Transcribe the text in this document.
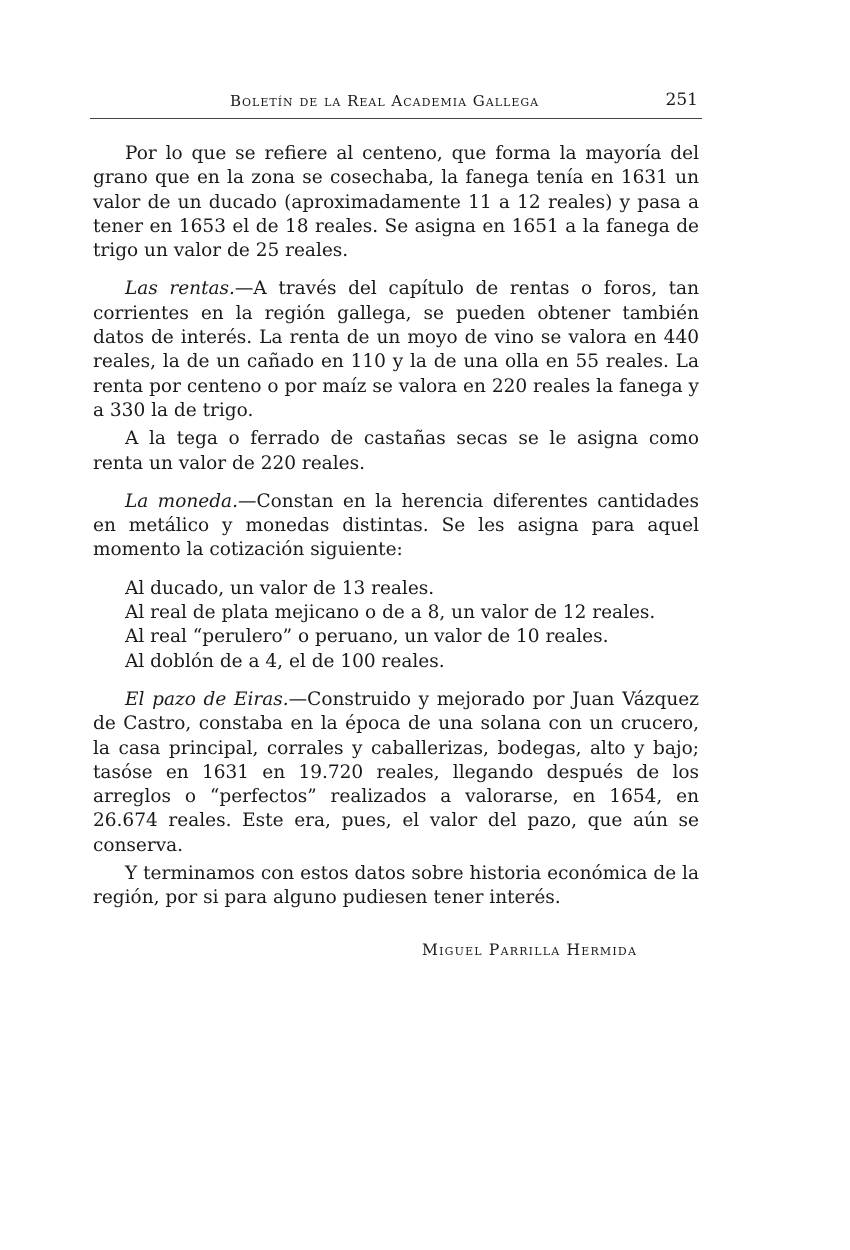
Boletín de la Real Academia Gallega	251

Por lo que se refiere al centeno, que forma la mayoría del grano que en la zona se cosechaba, la fanega tenía en 1631 un valor de un ducado (aproximadamente 11 a 12 reales) y pasa a tener en 1653 el de 18 reales. Se asigna en 1651 a la fanega de trigo un valor de 25 reales.

Las rentas.—A través del capítulo de rentas o foros, tan corrientes en la región gallega, se pueden obtener también datos de interés. La renta de un moyo de vino se valora en 440 reales, la de un cañado en 110 y la de una olla en 55 reales. La renta por centeno o por maíz se valora en 220 reales la fanega y a 330 la de trigo.

A la tega o ferrado de castañas secas se le asigna como renta un valor de 220 reales.

La moneda.—Constan en la herencia diferentes cantidades en metálico y monedas distintas. Se les asigna para aquel momento la cotización siguiente:

Al ducado, un valor de 13 reales.
Al real de plata mejicano o de a 8, un valor de 12 reales.
Al real “perulero” o peruano, un valor de 10 reales.
Al doblón de a 4, el de 100 reales.

El pazo de Eiras.—Construido y mejorado por Juan Vázquez de Castro, constaba en la época de una solana con un crucero, la casa principal, corrales y caballerizas, bodegas, alto y bajo; tasóse en 1631 en 19.720 reales, llegando después de los arreglos o “perfectos” realizados a valorarse, en 1654, en 26.674 reales. Este era, pues, el valor del pazo, que aún se conserva.

Y terminamos con estos datos sobre historia económica de la región, por si para alguno pudiesen tener interés.

Miguel Parrilla Hermida
